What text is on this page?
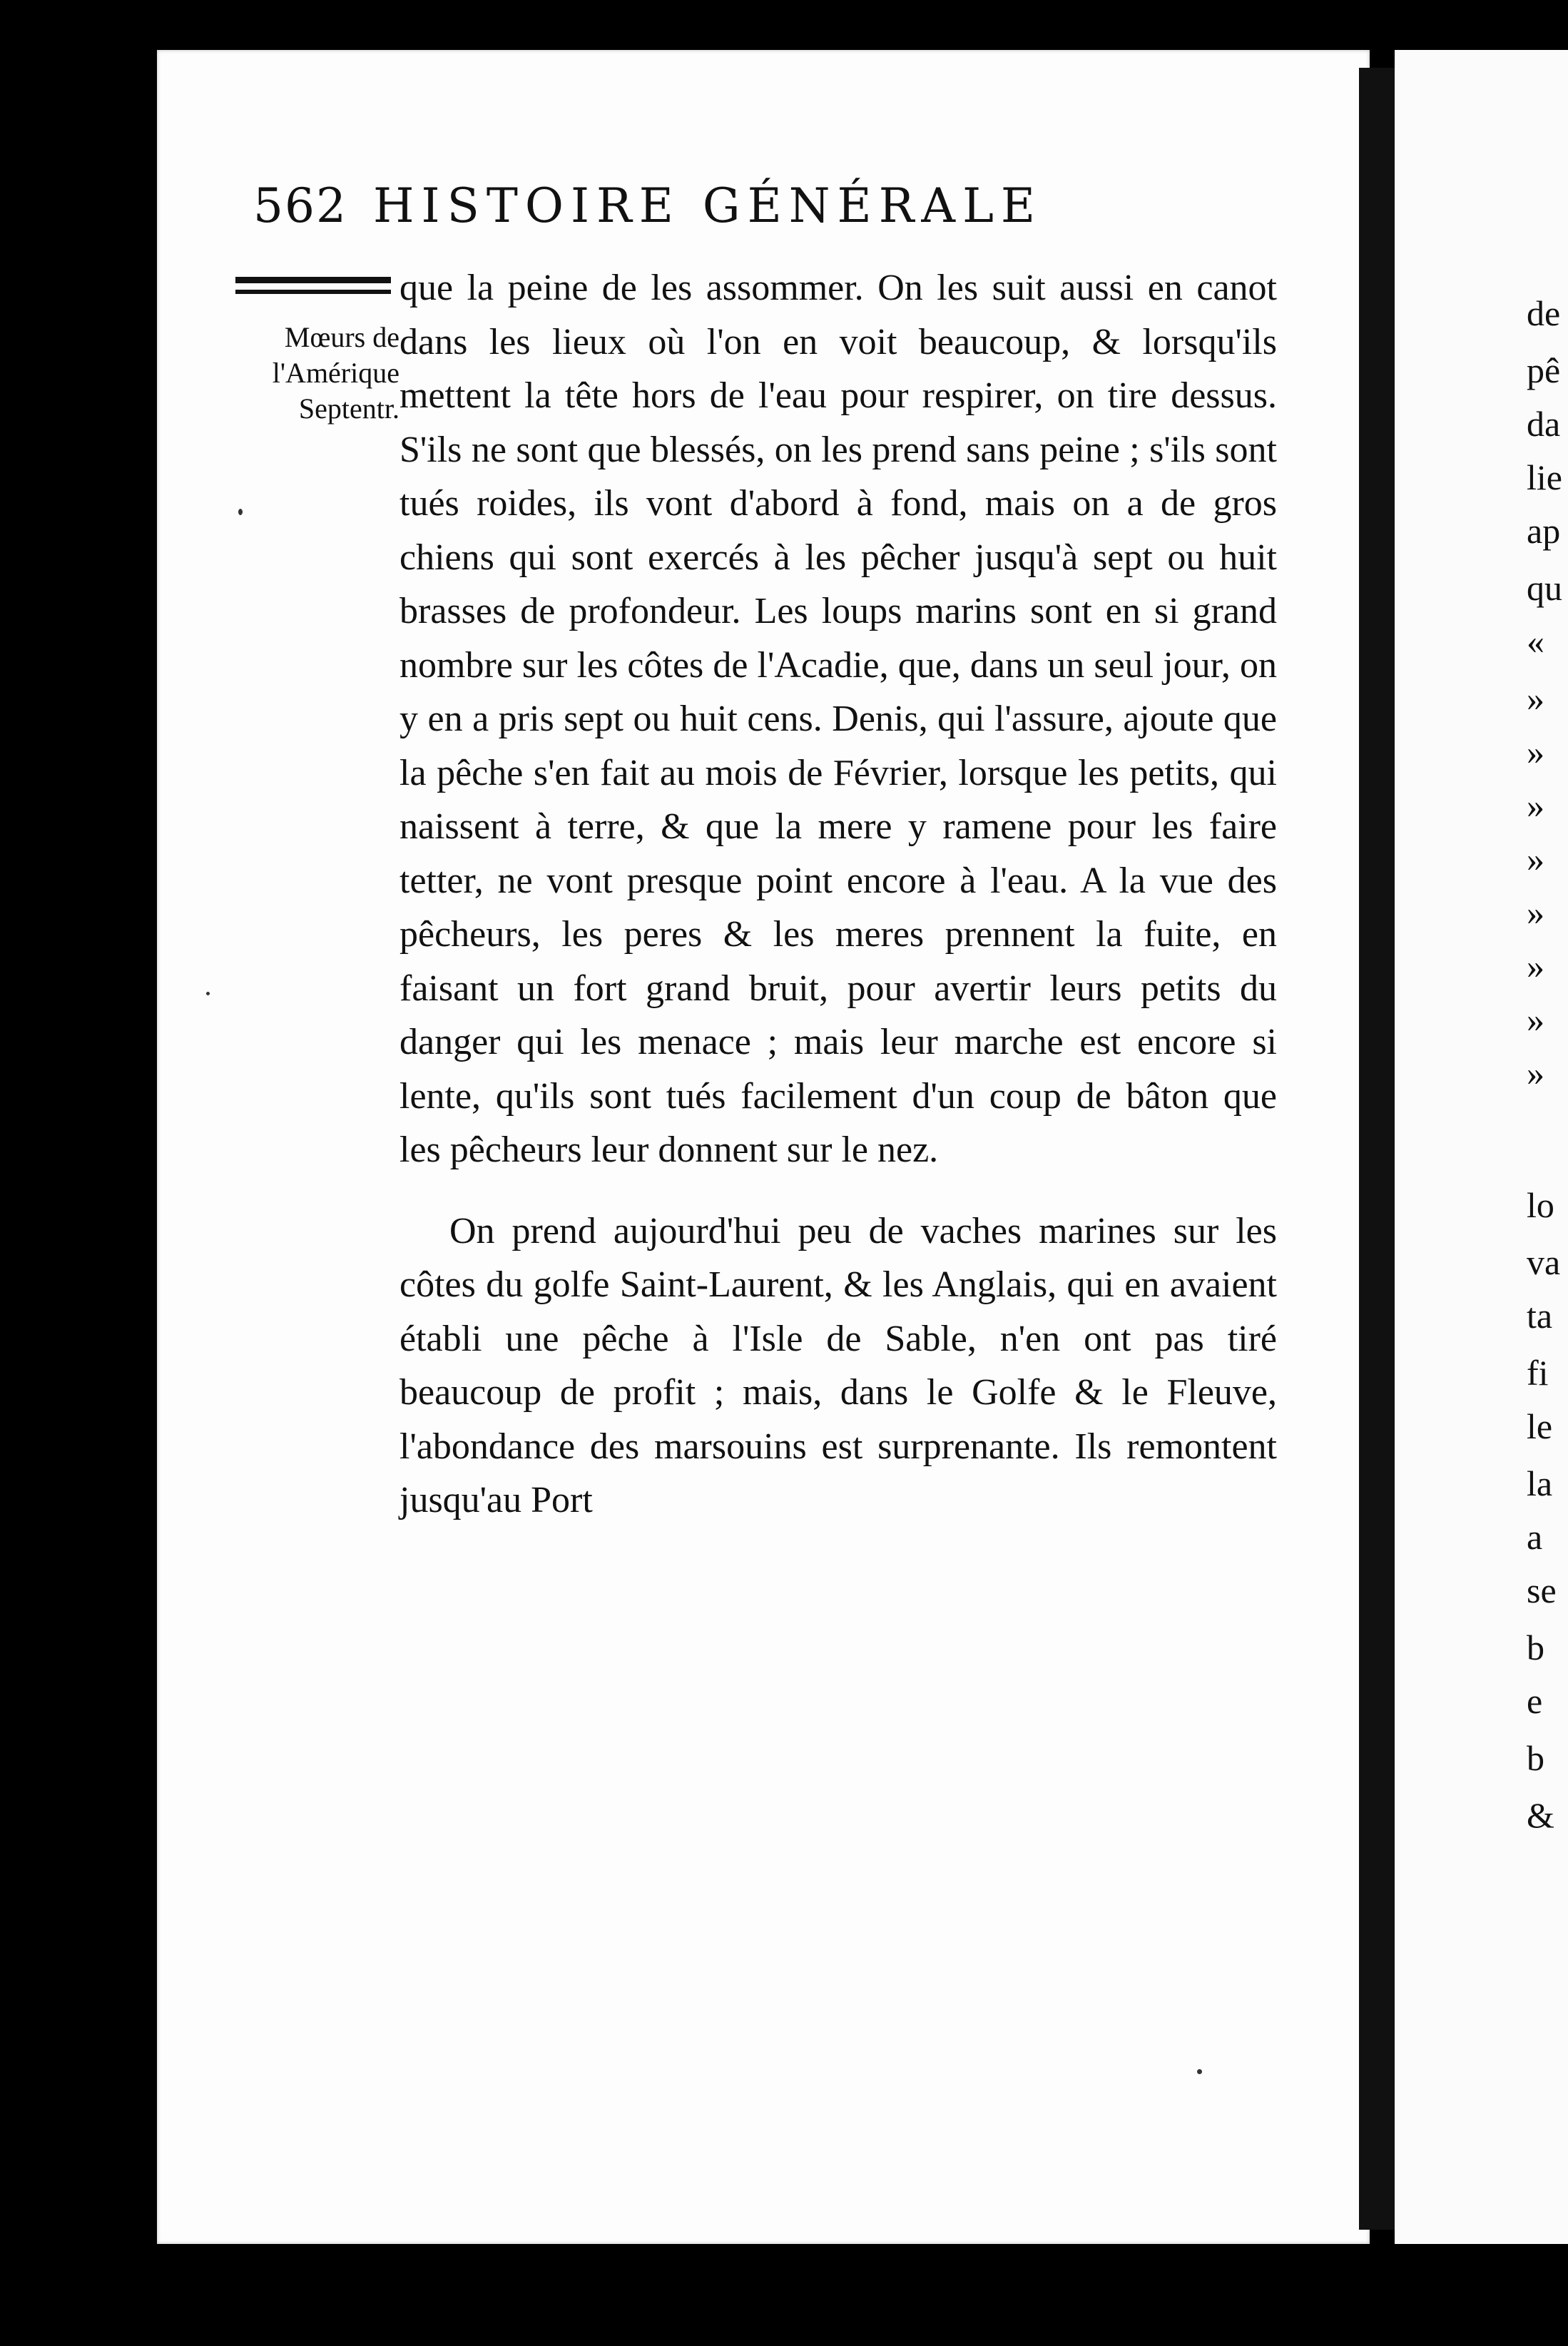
562 HISTOIRE GÉNÉRALE
Mœurs de
l'Amérique
Septentr.

que la peine de les assommer. On les suit aussi en canot dans les lieux où l'on en voit beaucoup, & lorsqu'ils mettent la tête hors de l'eau pour respirer, on tire dessus. S'ils ne sont que blessés, on les prend sans peine ; s'ils sont tués roides, ils vont d'abord à fond, mais on a de gros chiens qui sont exercés à les pêcher jusqu'à sept ou huit brasses de profondeur. Les loups marins sont en si grand nombre sur les côtes de l'Acadie, que, dans un seul jour, on y en a pris sept ou huit cens. Denis, qui l'assure, ajoute que la pêche s'en fait au mois de Février, lorsque les petits, qui naissent à terre, & que la mere y ramene pour les faire tetter, ne vont presque point encore à l'eau. A la vue des pêcheurs, les peres & les meres prennent la fuite, en faisant un fort grand bruit, pour avertir leurs petits du danger qui les menace ; mais leur marche est encore si lente, qu'ils sont tués facilement d'un coup de bâton que les pêcheurs leur donnent sur le nez.

On prend aujourd'hui peu de vaches marines sur les côtes du golfe Saint-Laurent, & les Anglais, qui en avaient établi une pêche à l'Isle de Sable, n'en ont pas tiré beaucoup de profit ; mais, dans le Golfe & le Fleuve, l'abondance des marsouins est surprenante. Ils remontent jusqu'au Port

de
pê
da
lie
ap
qu
«
»
»
»
»
»
»
»
»
lo
va
ta
fi
le
la
a
se
b
e
b
&
